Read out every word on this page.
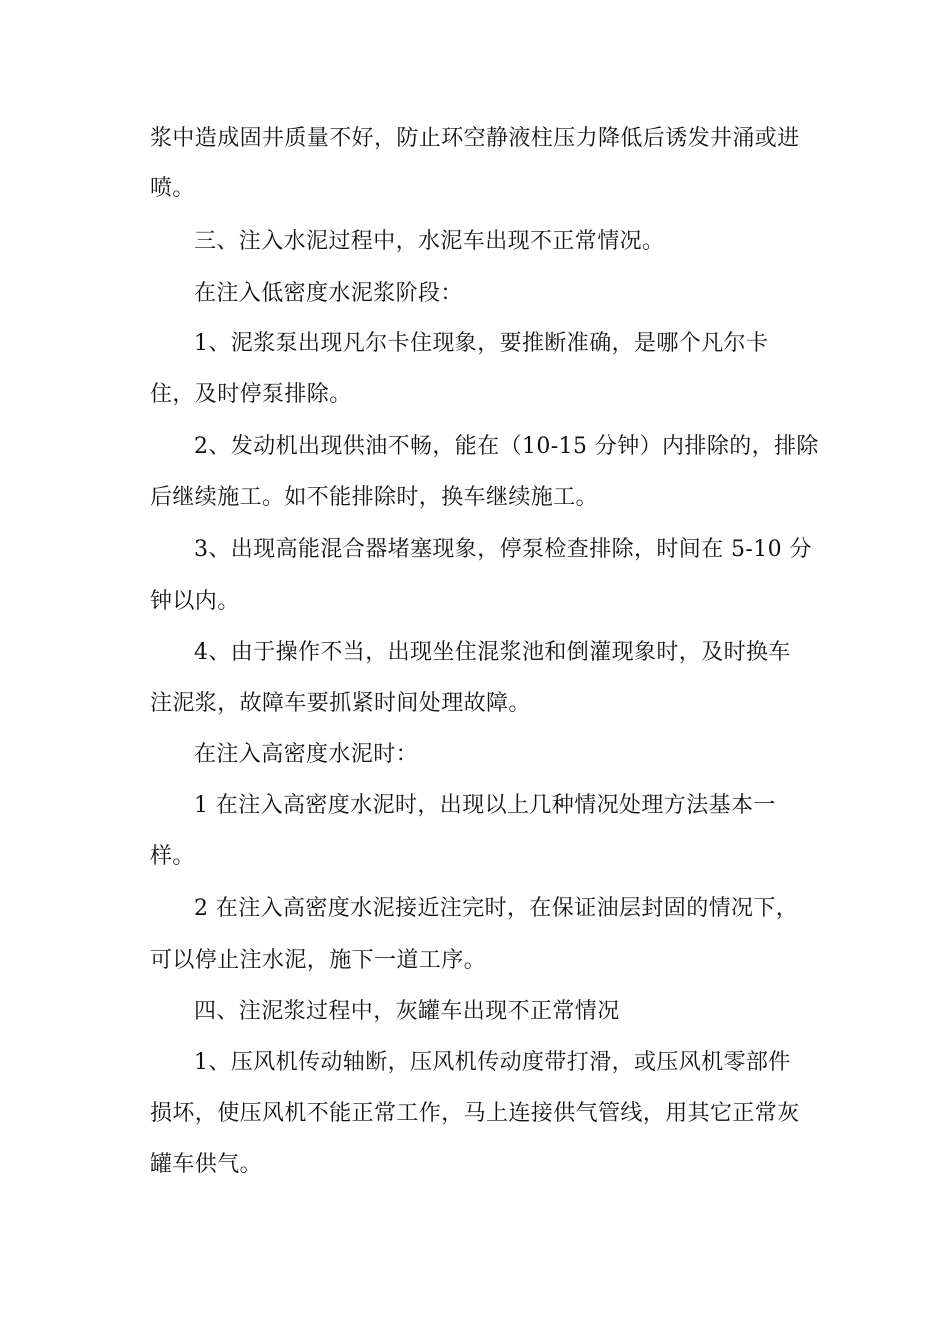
浆中造成固井质量不好，防止环空静液柱压力降低后诱发井涌或进
喷。
三、注入水泥过程中，水泥车出现不正常情况。
在注入低密度水泥浆阶段：
1、泥浆泵出现凡尔卡住现象，要推断准确，是哪个凡尔卡
住，及时停泵排除。
2、发动机出现供油不畅，能在（10-15 分钟）内排除的，排除
后继续施工。如不能排除时，换车继续施工。
3、出现高能混合器堵塞现象，停泵检查排除，时间在 5-10 分
钟以内。
4、由于操作不当，出现坐住混浆池和倒灌现象时，及时换车
注泥浆，故障车要抓紧时间处理故障。
在注入高密度水泥时：
1 在注入高密度水泥时，出现以上几种情况处理方法基本一
样。
2 在注入高密度水泥接近注完时，在保证油层封固的情况下，
可以停止注水泥，施下一道工序。
四、注泥浆过程中，灰罐车出现不正常情况
1、压风机传动轴断，压风机传动度带打滑，或压风机零部件
损坏，使压风机不能正常工作，马上连接供气管线，用其它正常灰
罐车供气。
